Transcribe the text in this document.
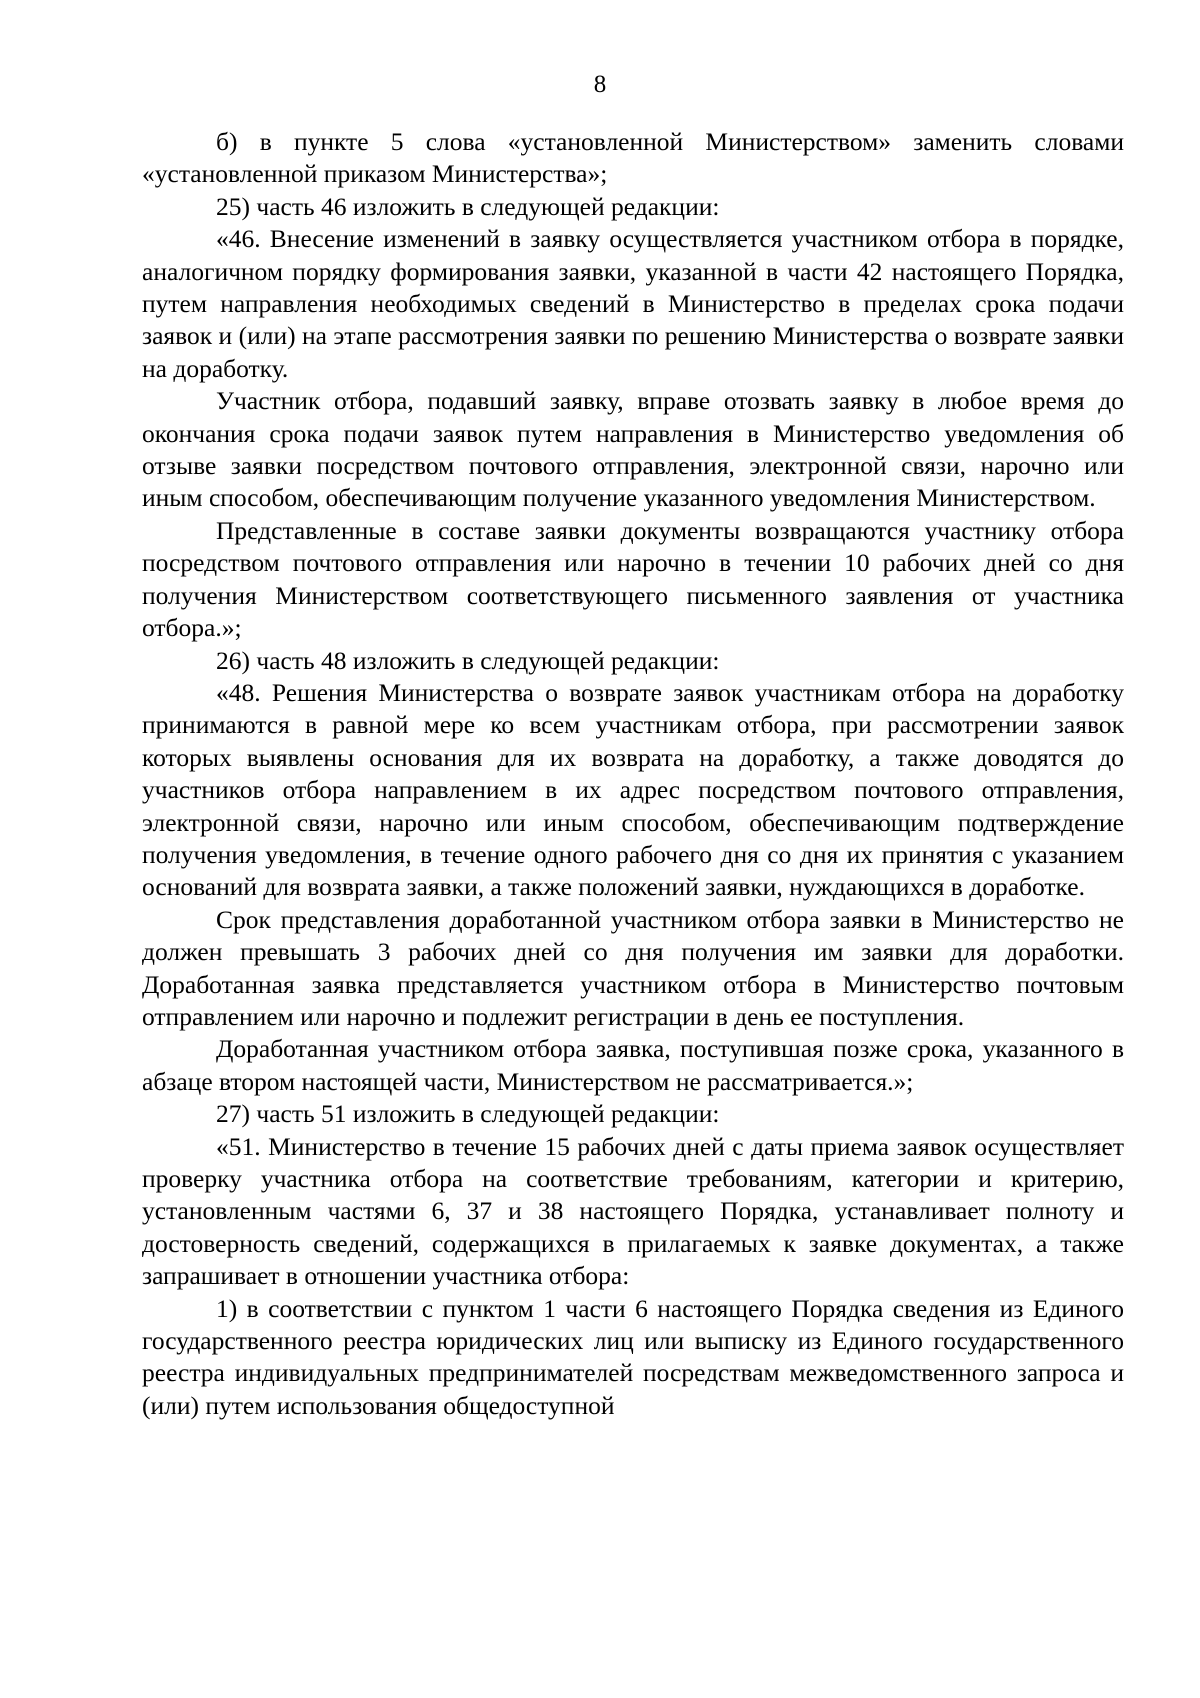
8

б) в пункте 5 слова «установленной Министерством» заменить словами «установленной приказом Министерства»;

25) часть 46 изложить в следующей редакции:

«46. Внесение изменений в заявку осуществляется участником отбора в порядке, аналогичном порядку формирования заявки, указанной в части 42 настоящего Порядка, путем направления необходимых сведений в Министерство в пределах срока подачи заявок и (или) на этапе рассмотрения заявки по решению Министерства о возврате заявки на доработку.

Участник отбора, подавший заявку, вправе отозвать заявку в любое время до окончания срока подачи заявок путем направления в Министерство уведомления об отзыве заявки посредством почтового отправления, электронной связи, нарочно или иным способом, обеспечивающим получение указанного уведомления Министерством.

Представленные в составе заявки документы возвращаются участнику отбора посредством почтового отправления или нарочно в течении 10 рабочих дней со дня получения Министерством соответствующего письменного заявления от участника отбора.»;

26) часть 48 изложить в следующей редакции:

«48. Решения Министерства о возврате заявок участникам отбора на доработку принимаются в равной мере ко всем участникам отбора, при рассмотрении заявок которых выявлены основания для их возврата на доработку, а также доводятся до участников отбора направлением в их адрес посредством почтового отправления, электронной связи, нарочно или иным способом, обеспечивающим подтверждение получения уведомления, в течение одного рабочего дня со дня их принятия с указанием оснований для возврата заявки, а также положений заявки, нуждающихся в доработке.

Срок представления доработанной участником отбора заявки в Министерство не должен превышать 3 рабочих дней со дня получения им заявки для доработки. Доработанная заявка представляется участником отбора в Министерство почтовым отправлением или нарочно и подлежит регистрации в день ее поступления.

Доработанная участником отбора заявка, поступившая позже срока, указанного в абзаце втором настоящей части, Министерством не рассматривается.»;

27) часть 51 изложить в следующей редакции:

«51. Министерство в течение 15 рабочих дней с даты приема заявок осуществляет проверку участника отбора на соответствие требованиям, категории и критерию, установленным частями 6, 37 и 38 настоящего Порядка, устанавливает полноту и достоверность сведений, содержащихся в прилагаемых к заявке документах, а также запрашивает в отношении участника отбора:

1) в соответствии с пунктом 1 части 6 настоящего Порядка сведения из Единого государственного реестра юридических лиц или выписку из Единого государственного реестра индивидуальных предпринимателей посредствам межведомственного запроса и (или) путем использования общедоступной
